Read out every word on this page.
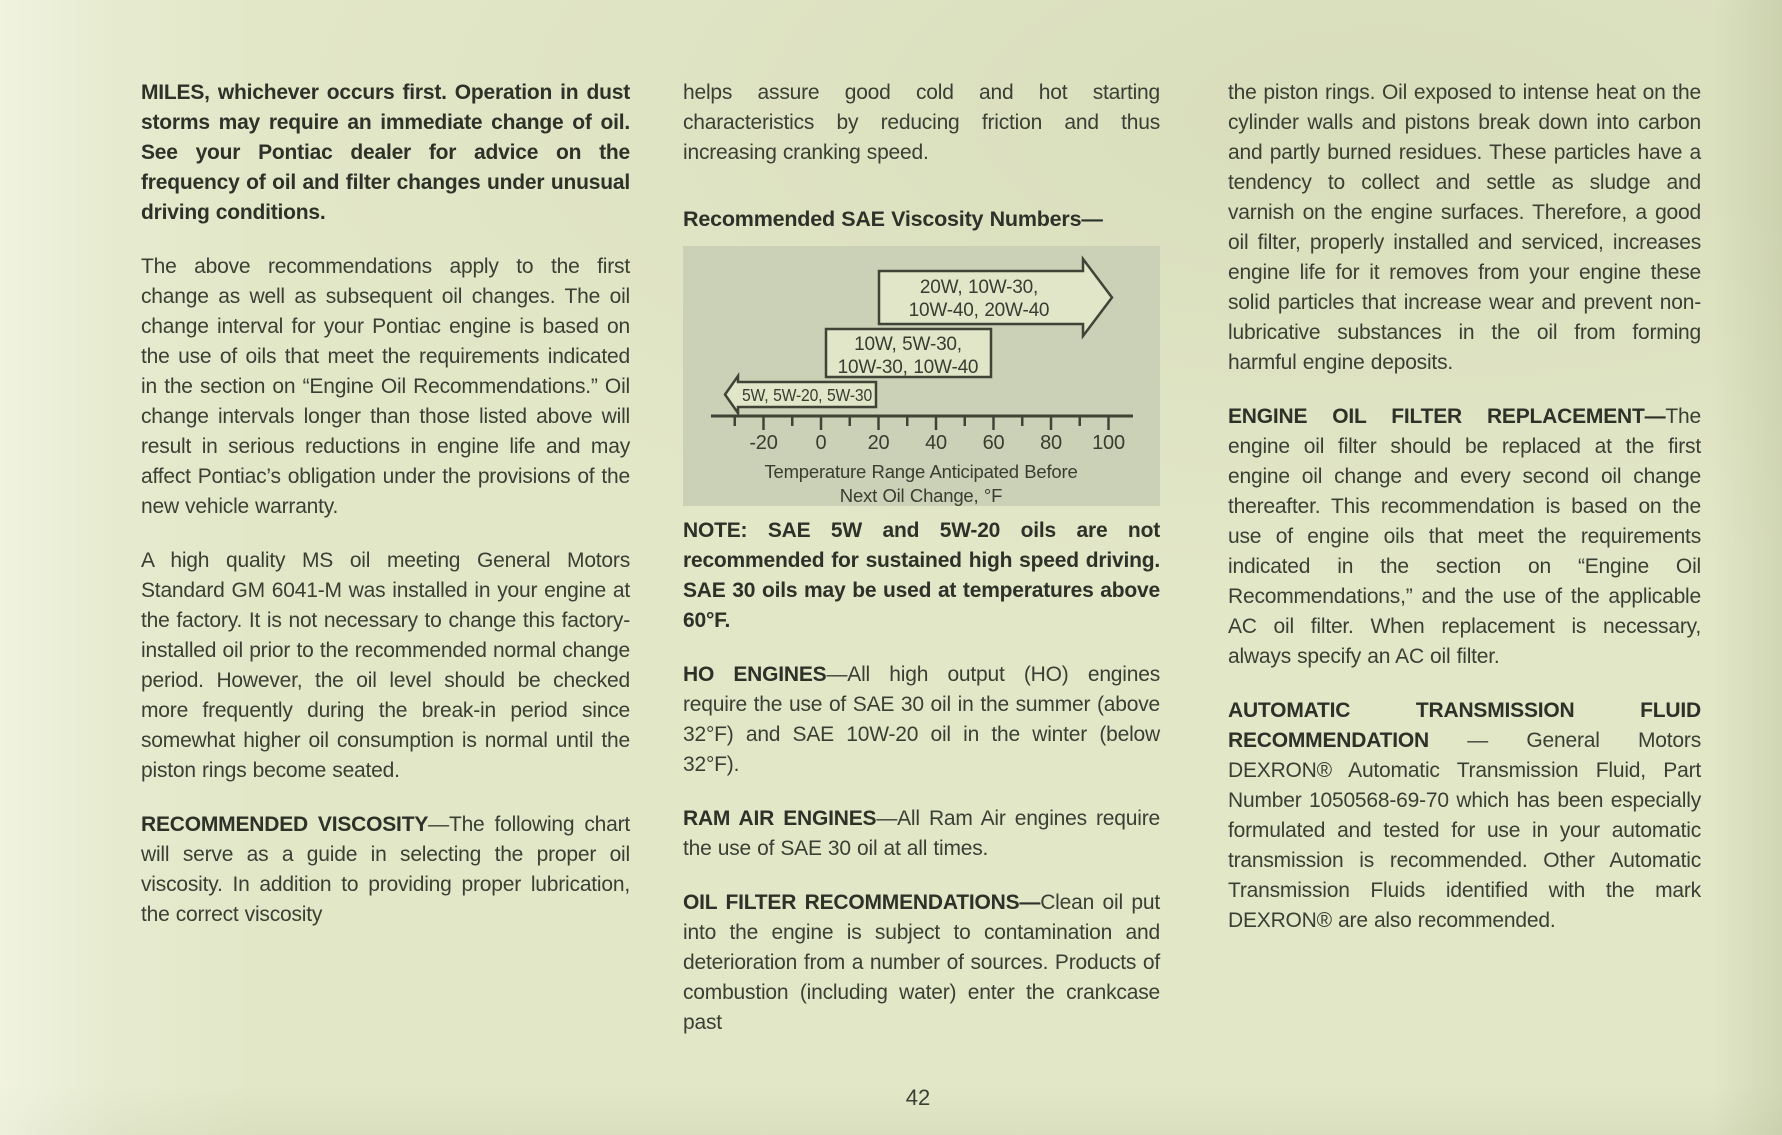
MILES, whichever occurs first. Operation in dust storms may require an immediate change of oil. See your Pontiac dealer for advice on the frequency of oil and filter changes under unusual driving conditions.

The above recommendations apply to the first change as well as subsequent oil changes. The oil change interval for your Pontiac engine is based on the use of oils that meet the requirements indicated in the section on “Engine Oil Recommendations.” Oil change intervals longer than those listed above will result in serious reductions in engine life and may affect Pontiac’s obligation under the provisions of the new vehicle warranty.

A high quality MS oil meeting General Motors Standard GM 6041-M was installed in your engine at the factory. It is not necessary to change this factory-installed oil prior to the recommended normal change period. However, the oil level should be checked more frequently during the break-in period since somewhat higher oil consumption is normal until the piston rings become seated.

RECOMMENDED VISCOSITY—The following chart will serve as a guide in selecting the proper oil viscosity. In addition to providing proper lubrication, the correct viscosity

helps assure good cold and hot starting characteristics by reducing friction and thus increasing cranking speed.

Recommended SAE Viscosity Numbers—

20W, 10W-30,
10W-40, 20W-40
10W, 5W-30,
10W-30, 10W-40
5W, 5W-20, 5W-30
-20 0 20 40 60 80 100
Temperature Range Anticipated Before
Next Oil Change, °F

NOTE: SAE 5W and 5W-20 oils are not recommended for sustained high speed driving. SAE 30 oils may be used at temperatures above 60°F.

HO ENGINES—All high output (HO) engines require the use of SAE 30 oil in the summer (above 32°F) and SAE 10W-20 oil in the winter (below 32°F).

RAM AIR ENGINES—All Ram Air engines require the use of SAE 30 oil at all times.

OIL FILTER RECOMMENDATIONS—Clean oil put into the engine is subject to contamination and deterioration from a number of sources. Products of combustion (including water) enter the crankcase past

the piston rings. Oil exposed to intense heat on the cylinder walls and pistons break down into carbon and partly burned residues. These particles have a tendency to collect and settle as sludge and varnish on the engine surfaces. Therefore, a good oil filter, properly installed and serviced, increases engine life for it removes from your engine these solid particles that increase wear and prevent non-lubricative substances in the oil from forming harmful engine deposits.

ENGINE OIL FILTER REPLACEMENT—The engine oil filter should be replaced at the first engine oil change and every second oil change thereafter. This recommendation is based on the use of engine oils that meet the requirements indicated in the section on “Engine Oil Recommendations,” and the use of the applicable AC oil filter. When replacement is necessary, always specify an AC oil filter.

AUTOMATIC TRANSMISSION FLUID RECOMMENDATION — General Motors DEXRON® Automatic Transmission Fluid, Part Number 1050568-69-70 which has been especially formulated and tested for use in your automatic transmission is recommended. Other Automatic Transmission Fluids identified with the mark DEXRON® are also recommended.

42
